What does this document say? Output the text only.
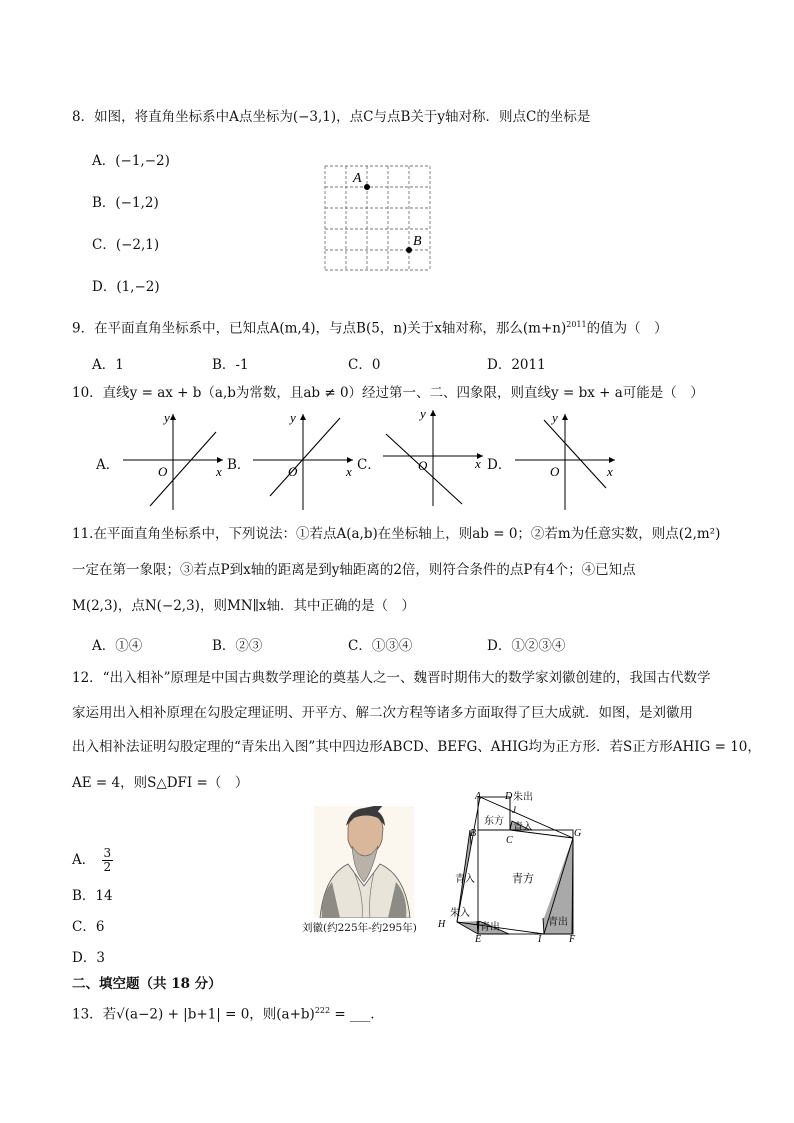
8．如图，将直角坐标系中A点坐标为(−3,1)，点C与点B关于y轴对称．则点C的坐标是
A．(−1,−2)
B．(−1,2)
C．(−2,1)
D．(1,−2)
A
B
9．在平面直角坐标系中，已知点A(m,4)，与点B(5，n)关于x轴对称，那么$(m+n)^{2011}$的值为（　）
A．1	B．-1	C．0	D．2011
10．直线y = ax + b（a,b为常数，且ab ≠ 0）经过第一、二、四象限，则直线y = bx + a可能是（　）
A．
y
x
O	B．
y
x
O	C．
y
x
O	D．
y
x
O
11.在平面直角坐标系中，下列说法：①若点A(a,b)在坐标轴上，则ab = 0；②若m为任意实数，则点(2,m²)
一定在第一象限；③若点P到x轴的距离是到y轴距离的2倍，则符合条件的点P有4个；④已知点
M(2,3)，点N(−2,3)，则MN∥x轴．其中正确的是（　）
A．①④	B．②③	C．①③④	D．①②③④
12．“出入相补”原理是中国古典数学理论的奠基人之一、魏晋时期伟大的数学家刘徽创建的，我国古代数学
家运用出入相补原理在勾股定理证明、开平方、解二次方程等诸多方面取得了巨大成就．如图，是刘徽用
出入相补法证明勾股定理的“青朱出入图”其中四边形ABCD、BEFG、AHIG均为正方形．若S正方形AHIG = 10，
AE = 4，则S△DFI =（　）
A． $\frac{3}{2}$
B．14
C．6
D．3
刘徽(约225年-约295年)
A D 朱出
J
东方
青入
B
C
G
青入	青方
H
朱入
青出	青出
E	I	F
二、填空题（共 18 分）
13．若√(a−2) + |b+1| = 0，则$(a+b)^{222}$ = ___.
